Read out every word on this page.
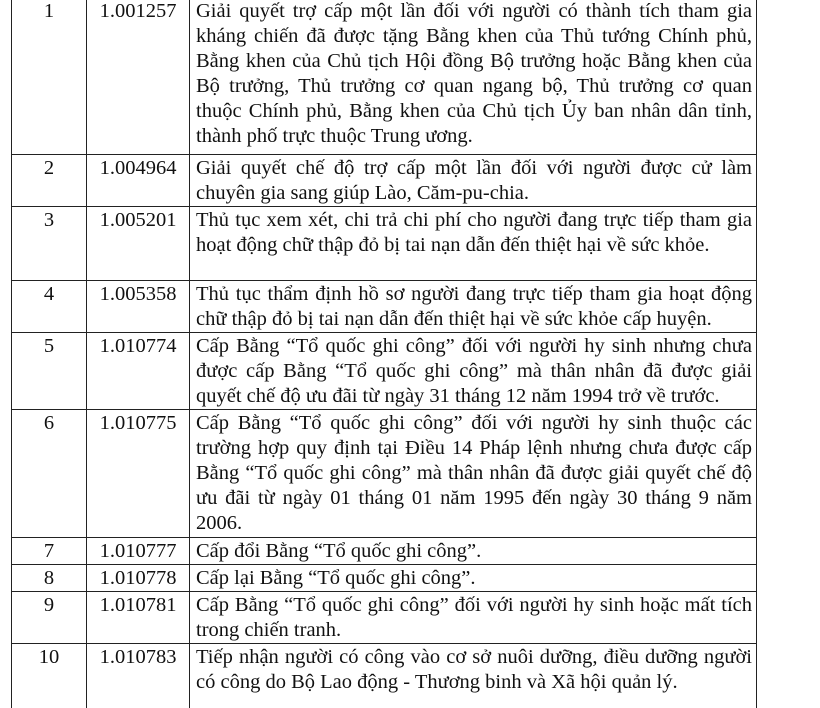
1	1.001257	Giải quyết trợ cấp một lần đối với người có thành tích tham gia kháng chiến đã được tặng Bằng khen của Thủ tướng Chính phủ, Bằng khen của Chủ tịch Hội đồng Bộ trưởng hoặc Bằng khen của Bộ trưởng, Thủ trưởng cơ quan ngang bộ, Thủ trưởng cơ quan thuộc Chính phủ, Bằng khen của Chủ tịch Ủy ban nhân dân tỉnh, thành phố trực thuộc Trung ương.
2	1.004964	Giải quyết chế độ trợ cấp một lần đối với người được cử làm chuyên gia sang giúp Lào, Căm-pu-chia.
3	1.005201	Thủ tục xem xét, chi trả chi phí cho người đang trực tiếp tham gia hoạt động chữ thập đỏ bị tai nạn dẫn đến thiệt hại về sức khỏe.
4	1.005358	Thủ tục thẩm định hồ sơ người đang trực tiếp tham gia hoạt động chữ thập đỏ bị tai nạn dẫn đến thiệt hại về sức khỏe cấp huyện.
5	1.010774	Cấp Bằng “Tổ quốc ghi công” đối với người hy sinh nhưng chưa được cấp Bằng “Tổ quốc ghi công” mà thân nhân đã được giải quyết chế độ ưu đãi từ ngày 31 tháng 12 năm 1994 trở về trước.
6	1.010775	Cấp Bằng “Tổ quốc ghi công” đối với người hy sinh thuộc các trường hợp quy định tại Điều 14 Pháp lệnh nhưng chưa được cấp Bằng “Tổ quốc ghi công” mà thân nhân đã được giải quyết chế độ ưu đãi từ ngày 01 tháng 01 năm 1995 đến ngày 30 tháng 9 năm 2006.
7	1.010777	Cấp đổi Bằng “Tổ quốc ghi công”.
8	1.010778	Cấp lại Bằng “Tổ quốc ghi công”.
9	1.010781	Cấp Bằng “Tổ quốc ghi công” đối với người hy sinh hoặc mất tích trong chiến tranh.
10	1.010783	Tiếp nhận người có công vào cơ sở nuôi dưỡng, điều dưỡng người có công do Bộ Lao động - Thương binh và Xã hội quản lý.
